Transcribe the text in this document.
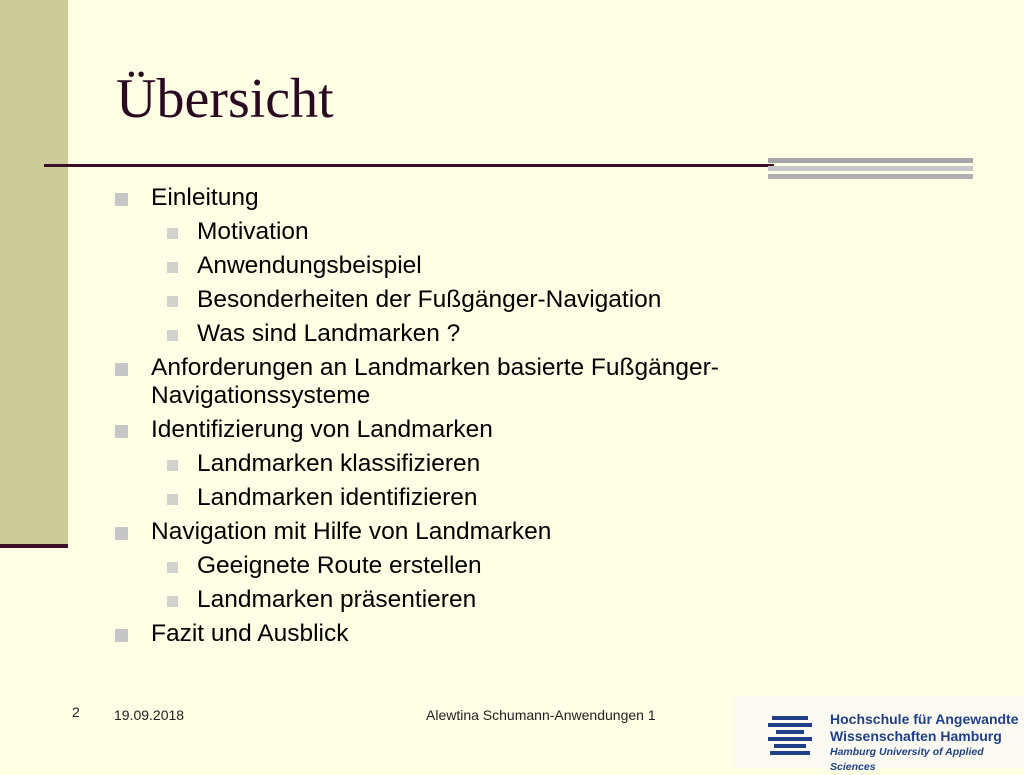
Übersicht
Einleitung
Motivation
Anwendungsbeispiel
Besonderheiten der Fußgänger-Navigation
Was sind Landmarken ?
Anforderungen an Landmarken basierte Fußgänger-Navigationssysteme
Identifizierung von Landmarken
Landmarken klassifizieren
Landmarken identifizieren
Navigation mit Hilfe von Landmarken
Geeignete Route erstellen
Landmarken präsentieren
Fazit und Ausblick
2 19.09.2018	Alewtina Schumann-Anwendungen 1	Hochschule für Angewandte
Wissenschaften Hamburg
Hamburg University of Applied Sciences
